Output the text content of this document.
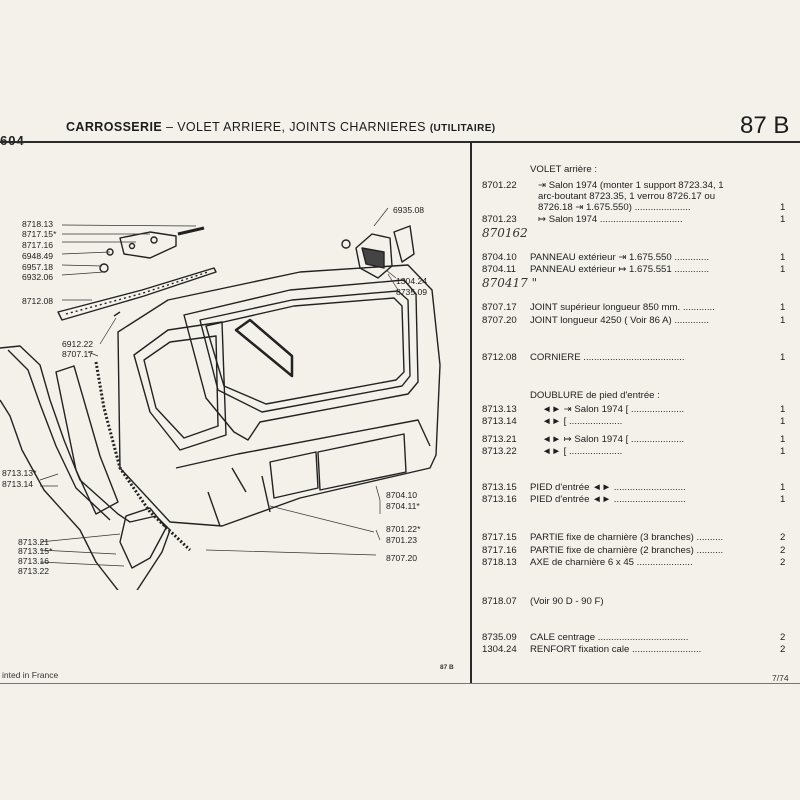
CARROSSERIE – VOLET ARRIERE, JOINTS CHARNIERES (UTILITAIRE)	87 B
8718.13
8717.15*
8717.16
6948.49
6957.18
6932.06
8712.08
6912.22
8707.17
6935.08
1304.24
8735.09
8713.13*
8713.14
8704.10
8704.11*
8701.22*
8701.23
8713.21
8713.15*
8713.16
8713.22
8707.20
VOLET arrière :
8701.22 ⇥ Salon 1974 (monter 1 support 8723.34, 1
arc-boutant 8723.35, 1 verrou 8726.17 ou
8726.18 ⇥ 1.675.550) .....................	1
8701.23 ↦ Salon 1974 ...............................	1
870162
8704.10 PANNEAU extérieur ⇥ 1.675.550 .............	1
8704.11 PANNEAU extérieur ↦ 1.675.551 .............	1
870417 "
8707.17 JOINT supérieur longueur 850 mm. ............	1
8707.20 JOINT longueur 4250 ( Voir 86 A) .............	1
8712.08 CORNIERE ......................................	1
DOUBLURE de pied d'entrée :
8713.13	◄► ⇥ Salon 1974 [ ....................	1
8713.14	◄► [ ....................	1
8713.21	◄► ↦ Salon 1974 [ ....................	1
8713.22	◄► [ ....................	1
8713.15 PIED d'entrée ◄► ...........................	1
8713.16 PIED d'entrée ◄► ...........................	1
8717.15 PARTIE fixe de charnière (3 branches) ..........	2
8717.16 PARTIE fixe de charnière (2 branches) ..........	2
8718.13 AXE de charnière 6 x 45 .....................	2
8718.07 (Voir 90 D - 90 F)
8735.09 CALE centrage ..................................	2
1304.24 RENFORT fixation cale ..........................	2
inted in France
87 B
7/74
